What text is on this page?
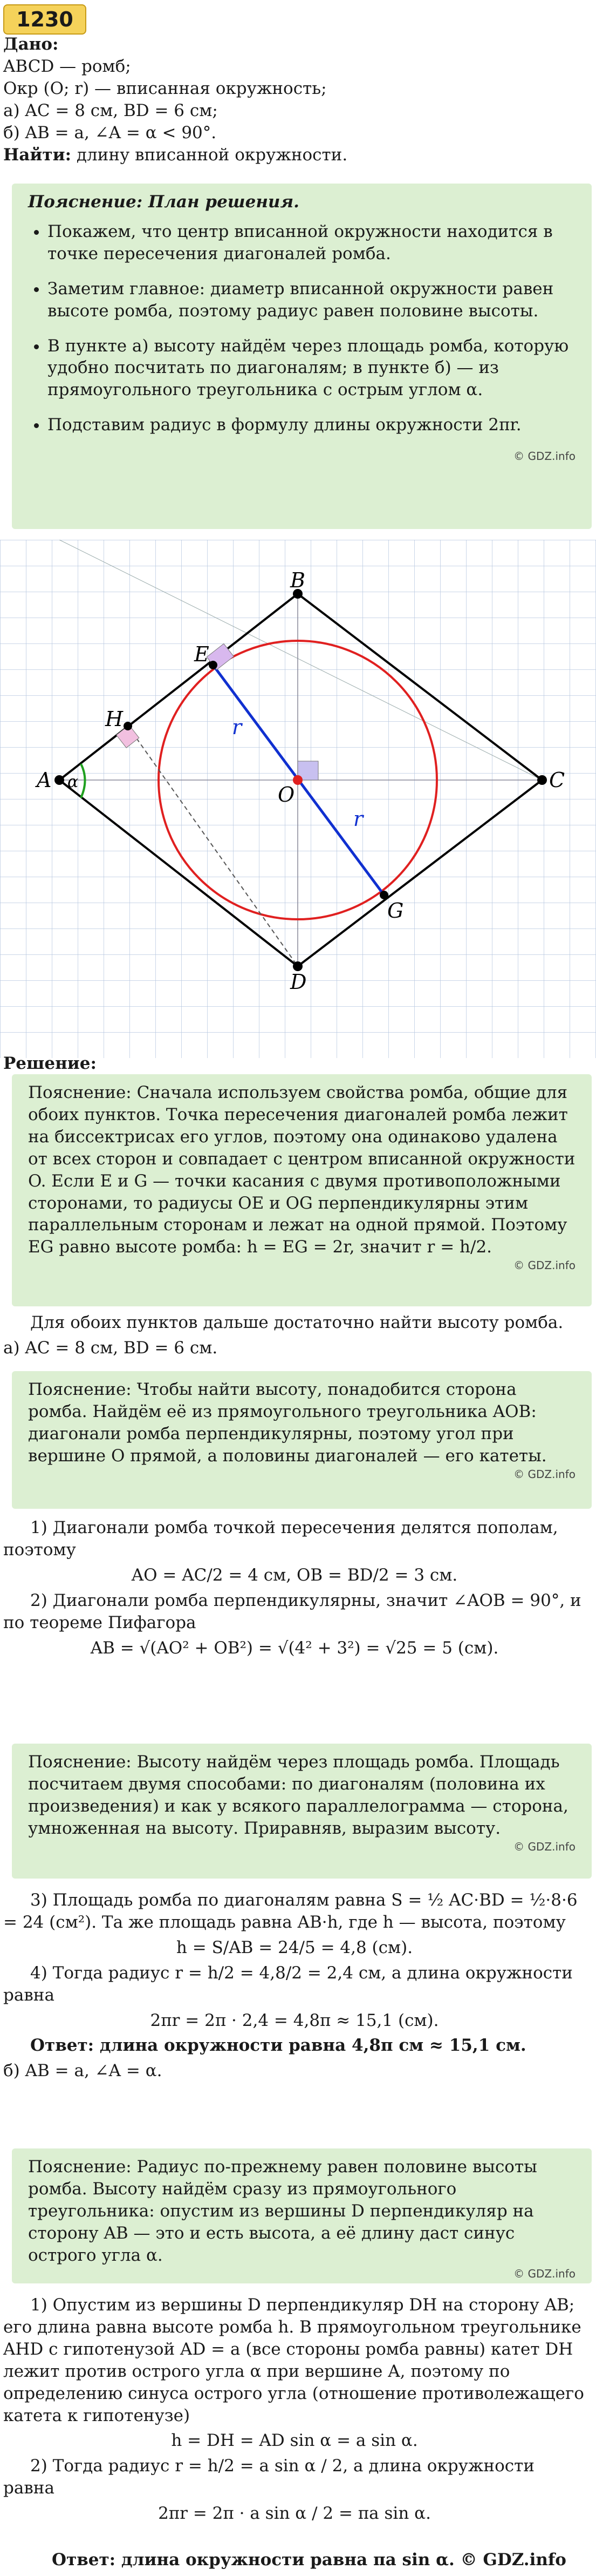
1230

Дано:

ABCD — ромб;

Окр (O; r) — вписанная окружность;

а) AC = 8 см, BD = 6 см;

б) AB = a, ∠A = α < 90°.

Найти: длину вписанной окружности.

Пояснение: План решения.
• Покажем, что центр вписанной окружности находится в точке пересечения диагоналей ромба.
• Заметим главное: диаметр вписанной окружности равен высоте ромба, поэтому радиус равен половине высоты.
• В пункте а) высоту найдём через площадь ромба, которую удобно посчитать по диагоналям; в пункте б) — из прямоугольного треугольника с острым углом α.
• Подставим радиус в формулу длины окружности 2πr.
© GDZ.info
A
B
C
D
E
G
H
O
r
r
α

Решение:

Пояснение: Сначала используем свойства ромба, общие для обоих пунктов. Точка пересечения диагоналей ромба лежит на биссектрисах его углов, поэтому она одинаково удалена от всех сторон и совпадает с центром вписанной окружности O. Если E и G — точки касания с двумя противоположными сторонами, то радиусы OE и OG перпендикулярны этим параллельным сторонам и лежат на одной прямой. Поэтому EG равно высоте ромба: h = EG = 2r, значит r = h/2.
© GDZ.info

Для обоих пунктов дальше достаточно найти высоту ромба.

а) AC = 8 см, BD = 6 см.

Пояснение: Чтобы найти высоту, понадобится сторона ромба. Найдём её из прямоугольного треугольника AOB: диагонали ромба перпендикулярны, поэтому угол при вершине O прямой, а половины диагоналей — его катеты.
© GDZ.info

1) Диагонали ромба точкой пересечения делятся пополам, поэтому

AO = AC/2 = 4 см, OB = BD/2 = 3 см.

2) Диагонали ромба перпендикулярны, значит ∠AOB = 90°, и по теореме Пифагора

AB = √(AO² + OB²) = √(4² + 3²) = √25 = 5 (см).

Пояснение: Высоту найдём через площадь ромба. Площадь посчитаем двумя способами: по диагоналям (половина их произведения) и как у всякого параллелограмма — сторона, умноженная на высоту. Приравняв, выразим высоту.
© GDZ.info

3) Площадь ромба по диагоналям равна S = ½ AC·BD = ½·8·6 = 24 (см²). Та же площадь равна AB·h, где h — высота, поэтому

h = S/AB = 24/5 = 4,8 (см).

4) Тогда радиус r = h/2 = 4,8/2 = 2,4 см, а длина окружности равна

2πr = 2π · 2,4 = 4,8π ≈ 15,1 (см).

Ответ: длина окружности равна 4,8π см ≈ 15,1 см.

б) AB = a, ∠A = α.

Пояснение: Радиус по-прежнему равен половине высоты ромба. Высоту найдём сразу из прямоугольного треугольника: опустим из вершины D перпендикуляр на сторону AB — это и есть высота, а её длину даст синус острого угла α.
© GDZ.info

1) Опустим из вершины D перпендикуляр DH на сторону AB; его длина равна высоте ромба h. В прямоугольном треугольнике AHD с гипотенузой AD = a (все стороны ромба равны) катет DH лежит против острого угла α при вершине A, поэтому по определению синуса острого угла (отношение противолежащего катета к гипотенузе)

h = DH = AD sin α = a sin α.

2) Тогда радиус r = h/2 = a sin α / 2, а длина окружности равна

2πr = 2π · a sin α / 2 = πa sin α.

Ответ: длина окружности равна πa sin α. © GDZ.info
